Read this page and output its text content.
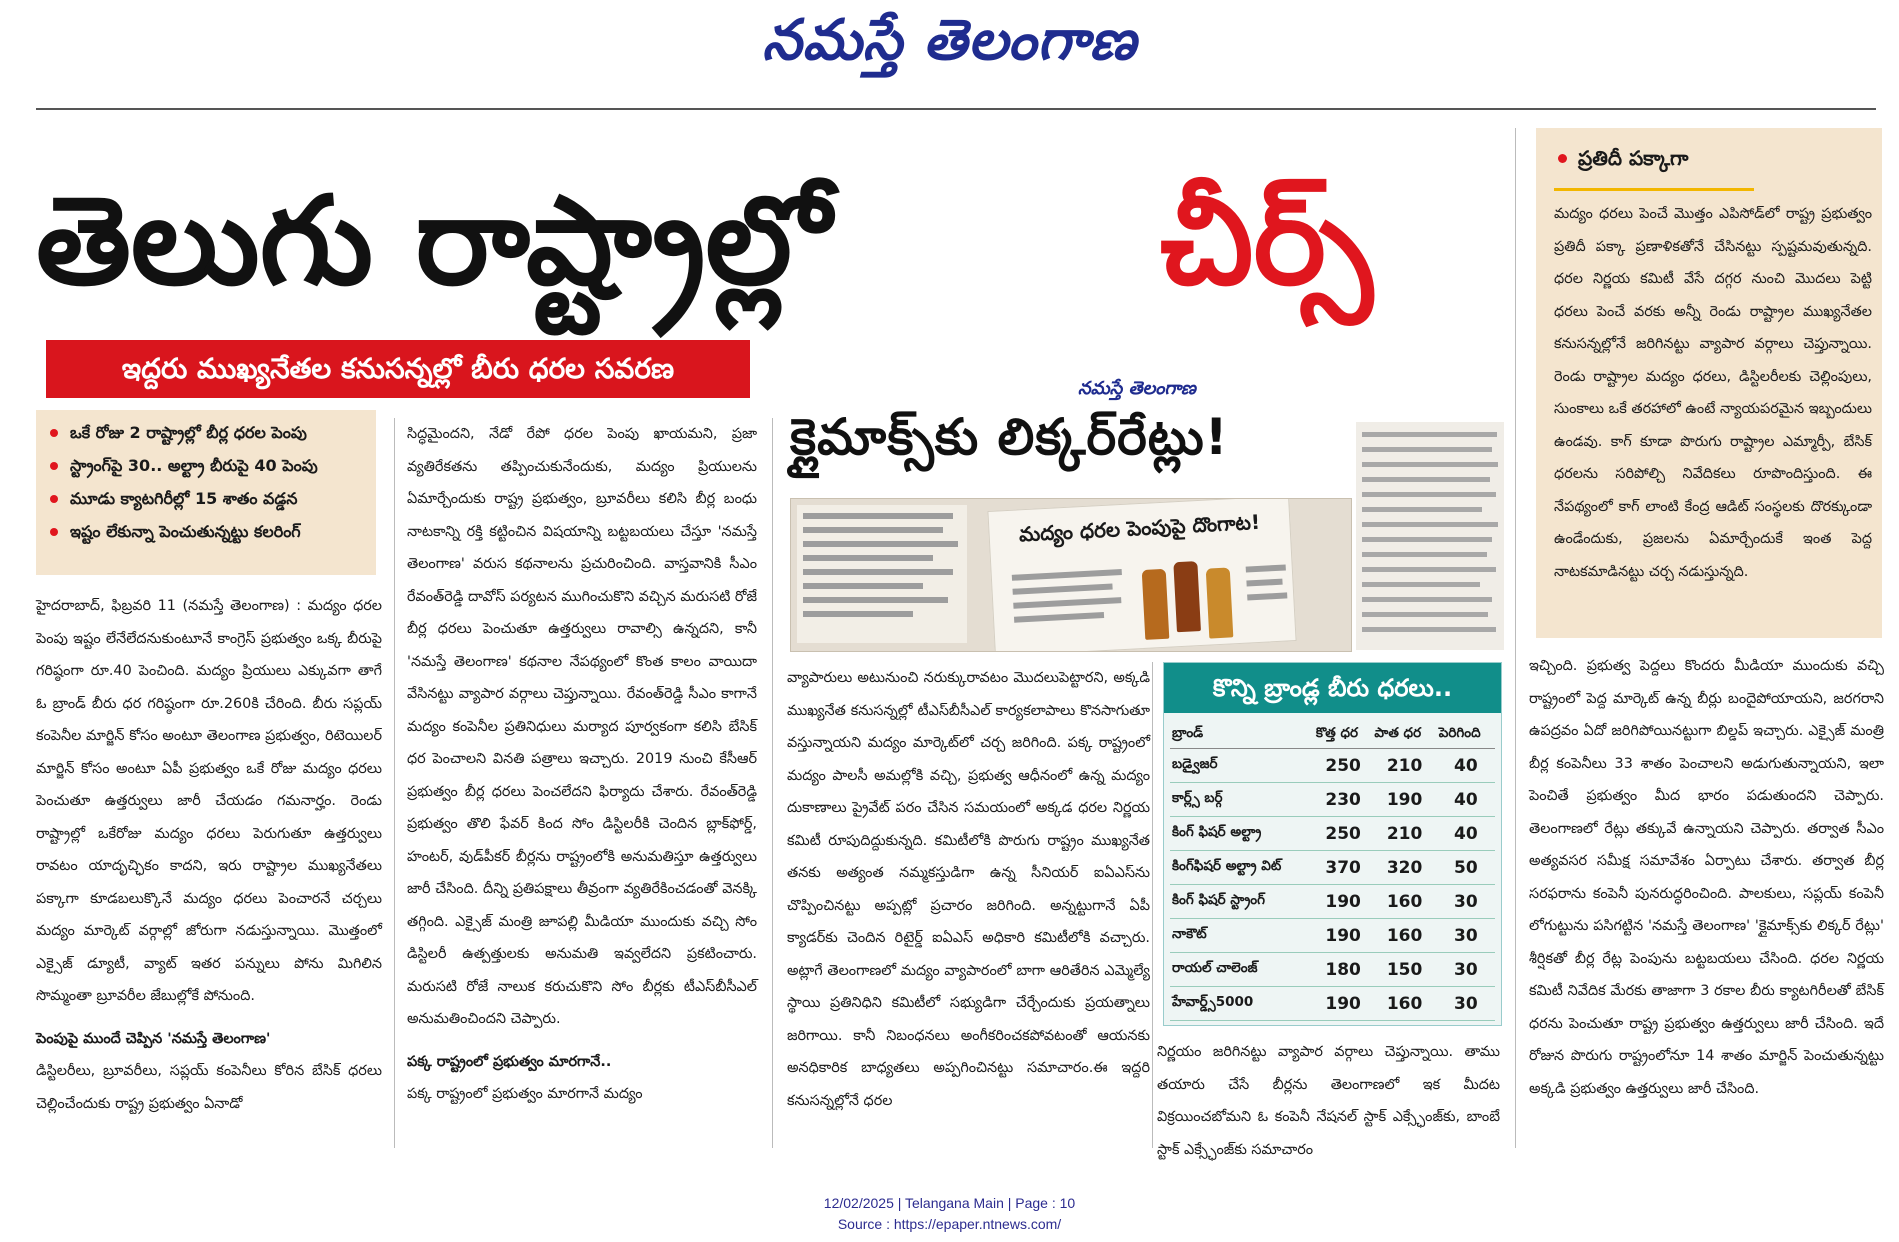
నమస్తే తెలంగాణ
తెలుగు రాష్ట్రాల్లో	చీర్స్
ఇద్దరు ముఖ్యనేతల కనుసన్నల్లో బీరు ధరల సవరణ
ఒకే రోజు 2 రాష్ట్రాల్లో బీర్ల ధరల పెంపు
స్ట్రాంగ్‌పై 30.. అల్ట్రా బీరుపై 40 పెంపు
మూడు క్యాటగిరీల్లో 15 శాతం వడ్డన
ఇష్టం లేకున్నా పెంచుతున్నట్టు కలరింగ్

హైదరాబాద్, ఫిబ్రవరి 11 (నమస్తే తెలంగాణ) : మద్యం ధరల పెంపు ఇష్టం లేనేలేదనుకుంటూనే కాంగ్రెస్ ప్రభుత్వం ఒక్క బీరుపై గరిష్ఠంగా రూ.40 పెంచింది. మద్యం ప్రియులు ఎక్కువగా తాగే ఓ బ్రాండ్ బీరు ధర గరిష్ఠంగా రూ.260కి చేరింది. బీరు సప్లయ్ కంపెనీల మార్జిన్ కోసం అంటూ తెలంగాణ ప్రభుత్వం, రిటెయిలర్ మార్జిన్ కోసం అంటూ ఏపీ ప్రభుత్వం ఒకే రోజు మద్యం ధరలు పెంచుతూ ఉత్తర్వులు జారీ చేయడం గమనార్హం. రెండు రాష్ట్రాల్లో ఒకేరోజు మద్యం ధరలు పెరుగుతూ ఉత్తర్వులు రావటం యాదృచ్ఛికం కాదని, ఇరు రాష్ట్రాల ముఖ్యనేతలు పక్కాగా కూడబలుక్కొనే మద్యం ధరలు పెంచారనే చర్చలు మద్యం మార్కెట్ వర్గాల్లో జోరుగా నడుస్తున్నాయి. మొత్తంలో ఎక్సైజ్ డ్యూటీ, వ్యాట్ ఇతర పన్నులు పోను మిగిలిన సొమ్మంతా బ్రూవరీల జేబుల్లోకే పోనుంది.

పెంపుపై ముందే చెప్పిన 'నమస్తే తెలంగాణ'

డిస్టిలరీలు, బ్రూవరీలు, సప్లయ్ కంపెనీలు కోరిన బేసిక్ ధరలు చెల్లించేందుకు రాష్ట్ర ప్రభుత్వం ఏనాడో

సిద్ధమైందని, నేడో రేపో ధరల పెంపు ఖాయమని, ప్రజా వ్యతిరేకతను తప్పించుకునేందుకు, మద్యం ప్రియులను ఏమార్చేందుకు రాష్ట్ర ప్రభుత్వం, బ్రూవరీలు కలిసి బీర్ల బంధు నాటకాన్ని రక్తి కట్టించిన విషయాన్ని బట్టబయలు చేస్తూ 'నమస్తే తెలంగాణ' వరుస కథనాలను ప్రచురించింది. వాస్తవానికి సీఎం రేవంత్‌రెడ్డి దావోస్ పర్యటన ముగించుకొని వచ్చిన మరుసటి రోజే బీర్ల ధరలు పెంచుతూ ఉత్తర్వులు రావాల్సి ఉన్నదని, కానీ 'నమస్తే తెలంగాణ' కథనాల నేపథ్యంలో కొంత కాలం వాయిదా వేసినట్టు వ్యాపార వర్గాలు చెప్తున్నాయి. రేవంత్‌రెడ్డి సీఎం కాగానే మద్యం కంపెనీల ప్రతినిధులు మర్యాద పూర్వకంగా కలిసి బేసిక్ ధర పెంచాలని వినతి పత్రాలు ఇచ్చారు. 2019 నుంచి కేసీఆర్ ప్రభుత్వం బీర్ల ధరలు పెంచలేదని ఫిర్యాదు చేశారు. రేవంత్‌రెడ్డి ప్రభుత్వం తొలి ఫేవర్ కింద సోం డిస్టిలరీకి చెందిన బ్లాక్‌ఫోర్డ్, హంటర్, వుడ్‌పీకర్ బీర్లను రాష్ట్రంలోకి అనుమతిస్తూ ఉత్తర్వులు జారీ చేసింది. దీన్ని ప్రతిపక్షాలు తీవ్రంగా వ్యతిరేకించడంతో వెనక్కి తగ్గింది. ఎక్సైజ్ మంత్రి జూపల్లి మీడియా ముందుకు వచ్చి సోం డిస్టిలరీ ఉత్పత్తులకు అనుమతి ఇవ్వలేదని ప్రకటించారు. మరుసటి రోజే నాలుక కరుచుకొని సోం బీర్లకు టీఎస్‌బీసీఎల్ అనుమతించిందని చెప్పారు.

పక్క రాష్ట్రంలో ప్రభుత్వం మారగానే..

పక్క రాష్ట్రంలో ప్రభుత్వం మారగానే మద్యం

నమస్తే తెలంగాణ
క్లైమాక్స్‌కు లిక్కర్‌రేట్లు!
మద్యం ధరల పెంపుపై దొంగాట!

వ్యాపారులు అటునుంచి నరుక్కురావటం మొదలుపెట్టారని, అక్కడి ముఖ్యనేత కనుసన్నల్లో టీఎస్‌బీసీఎల్ కార్యకలాపాలు కొనసాగుతూ వస్తున్నాయని మద్యం మార్కెట్‌లో చర్చ జరిగింది. పక్క రాష్ట్రంలో మద్యం పాలసీ అమల్లోకి వచ్చి, ప్రభుత్వ ఆధీనంలో ఉన్న మద్యం దుకాణాలు ప్రైవేట్ పరం చేసిన సమయంలో అక్కడ ధరల నిర్ణయ కమిటీ రూపుదిద్దుకున్నది. కమిటీలోకి పొరుగు రాష్ట్రం ముఖ్యనేత తనకు అత్యంత నమ్మకస్తుడిగా ఉన్న సీనియర్ ఐఏఎస్‌ను చొప్పించినట్టు అప్పట్లో ప్రచారం జరిగింది. అన్నట్టుగానే ఏపీ క్యాడర్‌కు చెందిన రిటైర్డ్ ఐఏఎస్ అధికారి కమిటీలోకి వచ్చారు. అట్లాగే తెలంగాణలో మద్యం వ్యాపారంలో బాగా ఆరితేరిన ఎమ్మెల్యే స్థాయి ప్రతినిధిని కమిటీలో సభ్యుడిగా చేర్చేందుకు ప్రయత్నాలు జరిగాయి. కానీ నిబంధనలు అంగీకరించకపోవటంతో ఆయనకు అనధికారిక బాధ్యతలు అప్పగించినట్టు సమాచారం.ఈ ఇద్దరి కనుసన్నల్లోనే ధరల

కొన్ని బ్రాండ్ల బీరు ధరలు..
బ్రాండ్	కొత్త ధర	పాత ధర	పెరిగింది
బడ్వైజర్	250	210	40
కార్ల్స్ బర్గ్	230	190	40
కింగ్ ఫిషర్ అల్ట్రా	250	210	40
కింగ్‌ఫిషర్ అల్ట్రా విట్	370	320	50
కింగ్ ఫిషర్ స్ట్రాంగ్	190	160	30
నాకౌట్	190	160	30
రాయల్ చాలెంజ్	180	150	30
హేవార్డ్స్5000	190	160	30

నిర్ణయం జరిగినట్టు వ్యాపార వర్గాలు చెప్తున్నాయి. తాము తయారు చేసే బీర్లను తెలంగాణలో ఇక మీదట విక్రయించబోమని ఓ కంపెనీ నేషనల్ స్టాక్ ఎక్స్ఛేంజ్‌కు, బాంబే స్టాక్ ఎక్స్ఛేంజ్‌కు సమాచారం

ప్రతిదీ పక్కాగా
మద్యం ధరలు పెంచే మొత్తం ఎపిసోడ్‌లో రాష్ట్ర ప్రభుత్వం ప్రతిదీ పక్కా ప్రణాళికతోనే చేసినట్టు స్పష్టమవుతున్నది. ధరల నిర్ణయ కమిటీ వేసే దగ్గర నుంచి మొదలు పెట్టి ధరలు పెంచే వరకు అన్నీ రెండు రాష్ట్రాల ముఖ్యనేతల కనుసన్నల్లోనే జరిగినట్టు వ్యాపార వర్గాలు చెప్తున్నాయి. రెండు రాష్ట్రాల మద్యం ధరలు, డిస్టిలరీలకు చెల్లింపులు, సుంకాలు ఒకే తరహాలో ఉంటే న్యాయపరమైన ఇబ్బందులు ఉండవు. కాగ్ కూడా పొరుగు రాష్ట్రాల ఎమ్మార్పీ, బేసిక్ ధరలను సరిపోల్చి నివేదికలు రూపొందిస్తుంది. ఈ నేపథ్యంలో కాగ్ లాంటి కేంద్ర ఆడిట్ సంస్థలకు దొరక్కుండా ఉండేందుకు, ప్రజలను ఏమార్చేందుకే ఇంత పెద్ద నాటకమాడినట్టు చర్చ నడుస్తున్నది.

ఇచ్చింది. ప్రభుత్వ పెద్దలు కొందరు మీడియా ముందుకు వచ్చి రాష్ట్రంలో పెద్ద మార్కెట్ ఉన్న బీర్లు బందైపోయాయని, జరగరాని ఉపద్రవం ఏదో జరిగిపోయినట్టుగా బిల్డప్ ఇచ్చారు. ఎక్సైజ్ మంత్రి బీర్ల కంపెనీలు 33 శాతం పెంచాలని అడుగుతున్నాయని, ఇలా పెంచితే ప్రభుత్వం మీద భారం పడుతుందని చెప్పారు. తెలంగాణలో రేట్లు తక్కువే ఉన్నాయని చెప్పారు. తర్వాత సీఎం అత్యవసర సమీక్ష సమావేశం ఏర్పాటు చేశారు. తర్వాత బీర్ల సరఫరాను కంపెనీ పునరుద్ధరించింది. పాలకులు, సప్లయ్ కంపెనీ లోగుట్టును పసిగట్టిన 'నమస్తే తెలంగాణ' 'క్లైమాక్స్‌కు లిక్కర్ రేట్లు' శీర్షికతో బీర్ల రేట్ల పెంపును బట్టబయలు చేసింది. ధరల నిర్ణయ కమిటీ నివేదిక మేరకు తాజాగా 3 రకాల బీరు క్యాటగిరీలతో బేసిక్ ధరను పెంచుతూ రాష్ట్ర ప్రభుత్వం ఉత్తర్వులు జారీ చేసింది. ఇదే రోజున పొరుగు రాష్ట్రంలోనూ 14 శాతం మార్జిన్ పెంచుతున్నట్టు అక్కడి ప్రభుత్వం ఉత్తర్వులు జారీ చేసింది.

12/02/2025 | Telangana Main | Page : 10
Source : https://epaper.ntnews.com/
